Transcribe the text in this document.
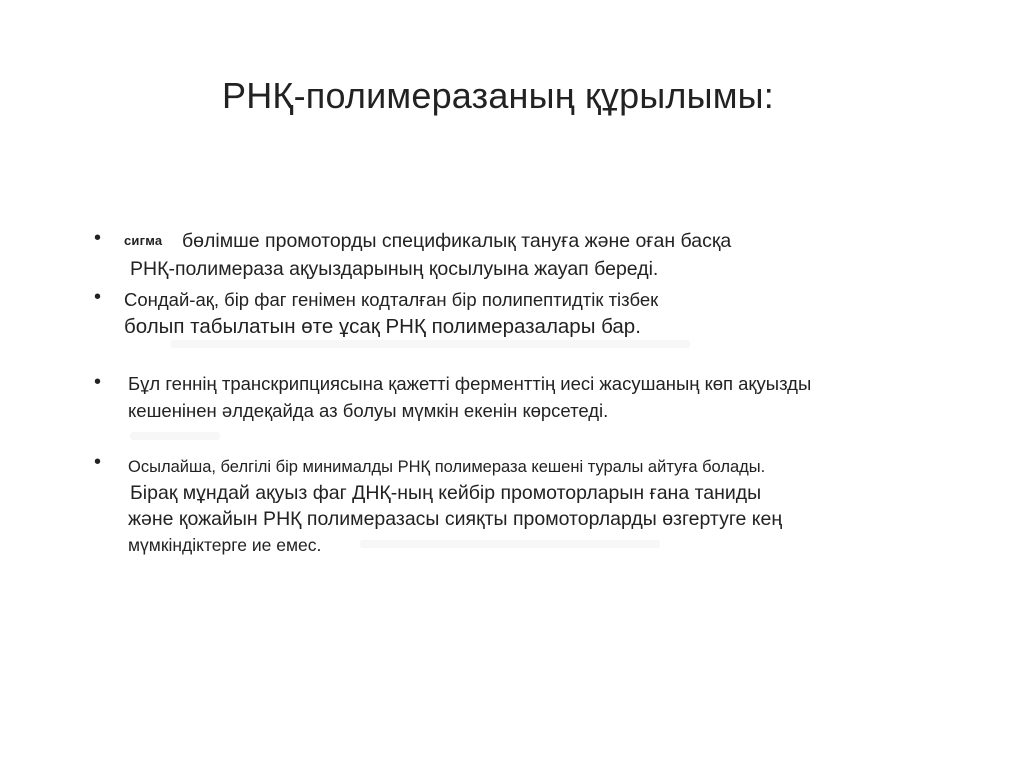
РНҚ-полимеразаның құрылымы:
• сигма бөлімше промоторды спецификалық тануға және оған басқа
РНҚ-полимераза ақуыздарының қосылуына жауап береді.
• Сондай-ақ, бір фаг генімен кодталған бір полипептидтік тізбек
болып табылатын өте ұсақ РНҚ полимеразалары бар.
• Бұл геннің транскрипциясына қажетті ферменттің иесі жасушаның көп ақуызды
кешенінен әлдеқайда аз болуы мүмкін екенін көрсетеді.
• Осылайша, белгілі бір минималды РНҚ полимераза кешені туралы айтуға болады.
Бірақ мұндай ақуыз фаг ДНҚ-ның кейбір промоторларын ғана таниды
және қожайын РНҚ полимеразасы сияқты промоторларды өзгертуге кең
мүмкіндіктерге ие емес.
